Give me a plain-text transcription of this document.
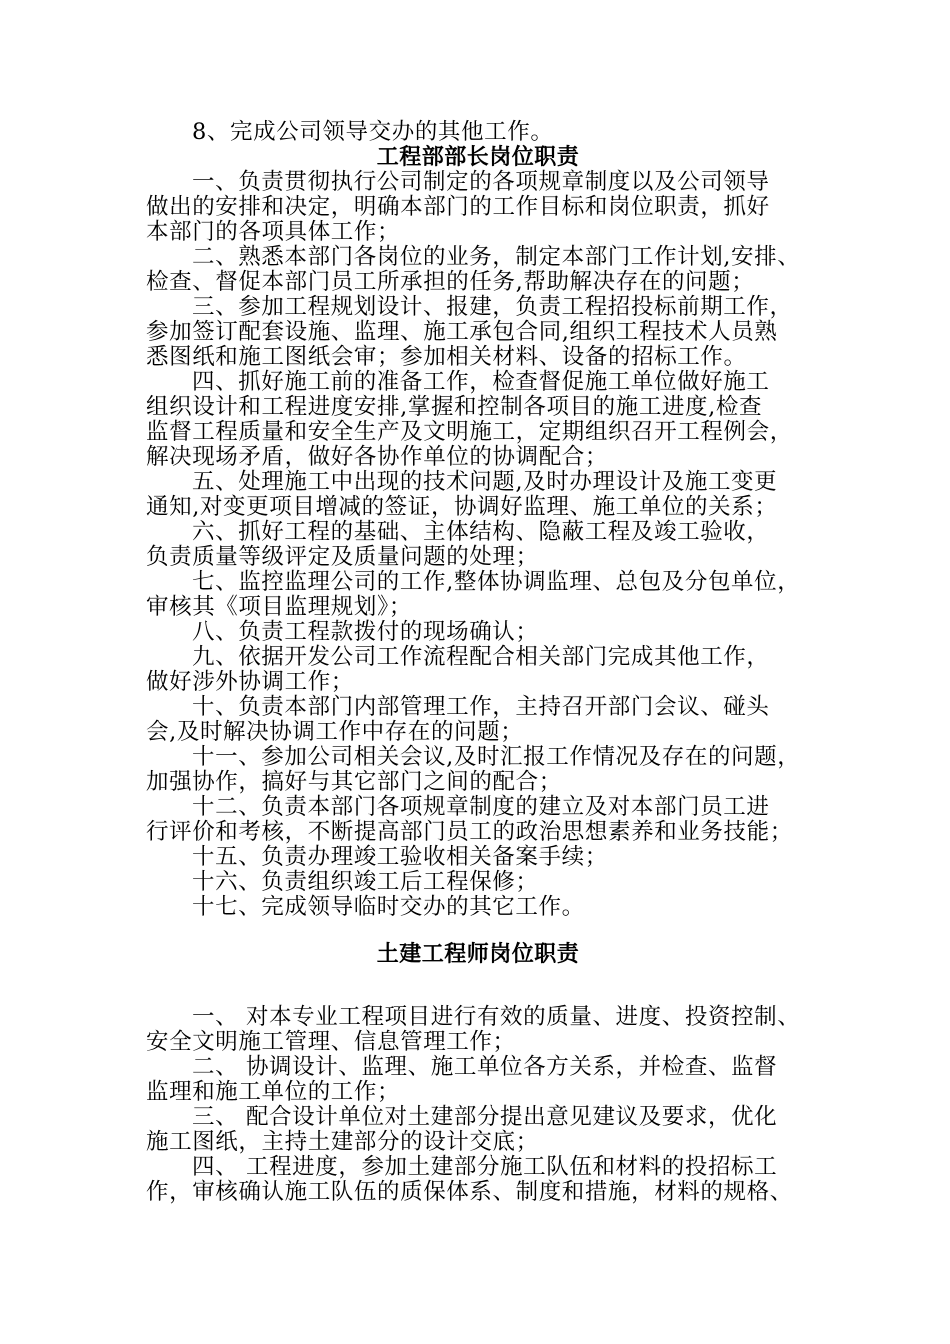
8、完成公司领导交办的其他工作。
工程部部长岗位职责
一、负责贯彻执行公司制定的各项规章制度以及公司领导
做出的安排和决定，明确本部门的工作目标和岗位职责，抓好
本部门的各项具体工作；
二、熟悉本部门各岗位的业务，制定本部门工作计划,安排、
检查、督促本部门员工所承担的任务,帮助解决存在的问题；
三、参加工程规划设计、报建，负责工程招投标前期工作，
参加签订配套设施、监理、施工承包合同,组织工程技术人员熟
悉图纸和施工图纸会审；参加相关材料、设备的招标工作。
四、抓好施工前的准备工作，检查督促施工单位做好施工
组织设计和工程进度安排,掌握和控制各项目的施工进度,检查
监督工程质量和安全生产及文明施工，定期组织召开工程例会，
解决现场矛盾，做好各协作单位的协调配合；
五、处理施工中出现的技术问题,及时办理设计及施工变更
通知,对变更项目增减的签证，协调好监理、施工单位的关系；
六、抓好工程的基础、主体结构、隐蔽工程及竣工验收，
负责质量等级评定及质量问题的处理；
七、监控监理公司的工作,整体协调监理、总包及分包单位，
审核其《项目监理规划》；
八、负责工程款拨付的现场确认；
九、依据开发公司工作流程配合相关部门完成其他工作，
做好涉外协调工作；
十、负责本部门内部管理工作，主持召开部门会议、碰头
会,及时解决协调工作中存在的问题；
十一、参加公司相关会议,及时汇报工作情况及存在的问题，
加强协作，搞好与其它部门之间的配合；
十二、负责本部门各项规章制度的建立及对本部门员工进
行评价和考核，不断提高部门员工的政治思想素养和业务技能；
十五、负责办理竣工验收相关备案手续；
十六、负责组织竣工后工程保修；
十七、完成领导临时交办的其它工作。
土建工程师岗位职责
一、 对本专业工程项目进行有效的质量、进度、投资控制、
安全文明施工管理、信息管理工作；
二、 协调设计、监理、施工单位各方关系，并检查、监督
监理和施工单位的工作；
三、 配合设计单位对土建部分提出意见建议及要求，优化
施工图纸，主持土建部分的设计交底；
四、 工程进度，参加土建部分施工队伍和材料的投招标工
作，审核确认施工队伍的质保体系、制度和措施，材料的规格、
